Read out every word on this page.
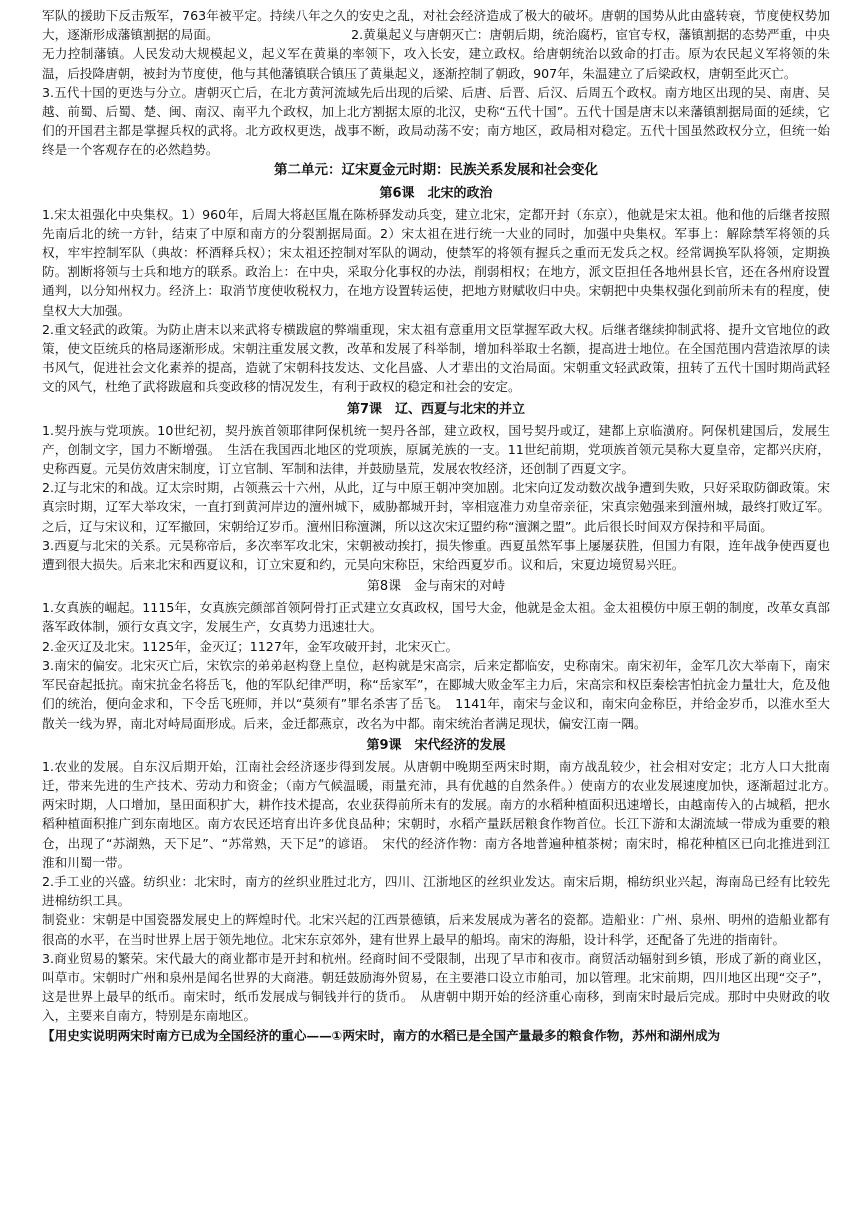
军队的援助下反击叛军，763年被平定。持续八年之久的安史之乱，对社会经济造成了极大的破坏。唐朝的国势从此由盛转衰，节度使权势加大，逐渐形成藩镇割据的局面。　　　　　　　　　　　2.黄巢起义与唐朝灭亡：唐朝后期，统治腐朽，宦官专权，藩镇割据的态势严重，中央无力控制藩镇。人民发动大规模起义，起义军在黄巢的率领下，攻入长安，建立政权。给唐朝统治以致命的打击。原为农民起义军将领的朱温，后投降唐朝，被封为节度使，他与其他藩镇联合镇压了黄巢起义，逐渐控制了朝政，907年，朱温建立了后梁政权，唐朝至此灭亡。

3.五代十国的更迭与分立。唐朝灭亡后，在北方黄河流域先后出现的后梁、后唐、后晋、后汉、后周五个政权。南方地区出现的吴、南唐、吴越、前蜀、后蜀、楚、闽、南汉、南平九个政权，加上北方割据太原的北汉，史称“五代十国”。五代十国是唐末以来藩镇割据局面的延续，它们的开国君主都是掌握兵权的武将。北方政权更迭，战事不断，政局动荡不安；南方地区，政局相对稳定。五代十国虽然政权分立，但统一始终是一个客观存在的必然趋势。

第二单元：辽宋夏金元时期：民族关系发展和社会变化

第6课　北宋的政治

1.宋太祖强化中央集权。1）960年，后周大将赵匡胤在陈桥驿发动兵变，建立北宋，定都开封（东京），他就是宋太祖。他和他的后继者按照先南后北的统一方针，结束了中原和南方的分裂割据局面。2）宋太祖在进行统一大业的同时，加强中央集权。军事上：解除禁军将领的兵权，牢牢控制军队（典故：杯酒释兵权）；宋太祖还控制对军队的调动，使禁军的将领有握兵之重而无发兵之权。经常调换军队将领，定期换防。割断将领与士兵和地方的联系。政治上：在中央，采取分化事权的办法，削弱相权；在地方，派文臣担任各地州县长官，还在各州府设置通判，以分知州权力。经济上：取消节度使收税权力，在地方设置转运使，把地方财赋收归中央。宋朝把中央集权强化到前所未有的程度，使皇权大大加强。

2.重文轻武的政策。为防止唐末以来武将专横跋扈的弊端重现，宋太祖有意重用文臣掌握军政大权。后继者继续抑制武将、提升文官地位的政策，使文臣统兵的格局逐渐形成。宋朝注重发展文教，改革和发展了科举制，增加科举取士名额，提高进士地位。在全国范围内营造浓厚的读书风气，促进社会文化素养的提高，造就了宋朝科技发达、文化昌盛、人才辈出的文治局面。宋朝重文轻武政策，扭转了五代十国时期尚武轻文的风气，杜绝了武将跋扈和兵变政移的情况发生，有利于政权的稳定和社会的安定。

第7课　辽、西夏与北宋的并立

1.契丹族与党项族。10世纪初，契丹族首领耶律阿保机统一契丹各部，建立政权，国号契丹或辽，建都上京临潢府。阿保机建国后，发展生产，创制文字，国力不断增强。　生活在我国西北地区的党项族，原属羌族的一支。11世纪前期，党项族首领元昊称大夏皇帝，定都兴庆府，史称西夏。元昊仿效唐宋制度，订立官制、军制和法律，并鼓励垦荒，发展农牧经济，还创制了西夏文字。

2.辽与北宋的和战。辽太宗时期，占领燕云十六州，从此，辽与中原王朝冲突加剧。北宋向辽发动数次战争遭到失败，只好采取防御政策。宋真宗时期，辽军大举攻宋，一直打到黄河岸边的澶州城下，威胁都城开封，宰相寇准力劝皇帝亲征，宋真宗勉强来到澶州城，最终打败辽军。之后，辽与宋议和，辽军撤回，宋朝给辽岁币。澶州旧称澶渊，所以这次宋辽盟约称“澶渊之盟”。此后很长时间双方保持和平局面。

3.西夏与北宋的关系。元昊称帝后，多次率军攻北宋，宋朝被动挨打，损失惨重。西夏虽然军事上屡屡获胜，但国力有限，连年战争使西夏也遭到很大损失。后来北宋和西夏议和，订立宋夏和约，元昊向宋称臣，宋给西夏岁币。议和后，宋夏边境贸易兴旺。

第8课　金与南宋的对峙

1.女真族的崛起。1115年，女真族完颜部首领阿骨打正式建立女真政权，国号大金，他就是金太祖。金太祖模仿中原王朝的制度，改革女真部落军政体制，颁行女真文字，发展生产，女真势力迅速壮大。

2.金灭辽及北宋。1125年，金灭辽；1127年，金军攻破开封，北宋灭亡。

3.南宋的偏安。北宋灭亡后，宋钦宗的弟弟赵构登上皇位，赵构就是宋高宗，后来定都临安，史称南宋。南宋初年，金军几次大举南下，南宋军民奋起抵抗。南宋抗金名将岳飞，他的军队纪律严明，称“岳家军”，在郾城大败金军主力后，宋高宗和权臣秦桧害怕抗金力量壮大，危及他们的统治，便向金求和，下令岳飞班师，并以“莫须有”罪名杀害了岳飞。　1141年，南宋与金议和，南宋向金称臣，并给金岁币，以淮水至大散关一线为界，南北对峙局面形成。后来，金迁都燕京，改名为中都。南宋统治者满足现状，偏安江南一隅。

第9课　宋代经济的发展

1.农业的发展。自东汉后期开始，江南社会经济逐步得到发展。从唐朝中晚期至两宋时期，南方战乱较少，社会相对安定；北方人口大批南迁，带来先进的生产技术、劳动力和资金；（南方气候温暖，雨量充沛，具有优越的自然条件。）使南方的农业发展速度加快，逐渐超过北方。　两宋时期，人口增加，垦田面积扩大，耕作技术提高，农业获得前所未有的发展。南方的水稻种植面积迅速增长，由越南传入的占城稻，把水稻种植面积推广到东南地区。南方农民还培育出许多优良品种；宋朝时，水稻产量跃居粮食作物首位。长江下游和太湖流域一带成为重要的粮仓，出现了“苏湖熟，天下足”、“苏常熟，天下足”的谚语。　宋代的经济作物：南方各地普遍种植茶树；南宋时，棉花种植区已向北推进到江淮和川蜀一带。

2.手工业的兴盛。纺织业：北宋时，南方的丝织业胜过北方，四川、江浙地区的丝织业发达。南宋后期，棉纺织业兴起，海南岛已经有比较先进棉纺织工具。

制瓷业：宋朝是中国瓷器发展史上的辉煌时代。北宋兴起的江西景德镇，后来发展成为著名的瓷都。造船业：广州、泉州、明州的造船业都有很高的水平，在当时世界上居于领先地位。北宋东京郊外，建有世界上最早的船坞。南宋的海船，设计科学，还配备了先进的指南针。

3.商业贸易的繁荣。宋代最大的商业都市是开封和杭州。经商时间不受限制，出现了早市和夜市。商贸活动辐射到乡镇，形成了新的商业区，叫草市。宋朝时广州和泉州是闻名世界的大商港。朝廷鼓励海外贸易，在主要港口设立市舶司，加以管理。北宋前期，四川地区出现“交子”，这是世界上最早的纸币。南宋时，纸币发展成与铜钱并行的货币。　从唐朝中期开始的经济重心南移，到南宋时最后完成。那时中央财政的收入，主要来自南方，特别是东南地区。

【用史实说明两宋时南方已成为全国经济的重心——①两宋时，南方的水稻已是全国产量最多的粮食作物，苏州和湖州成为
